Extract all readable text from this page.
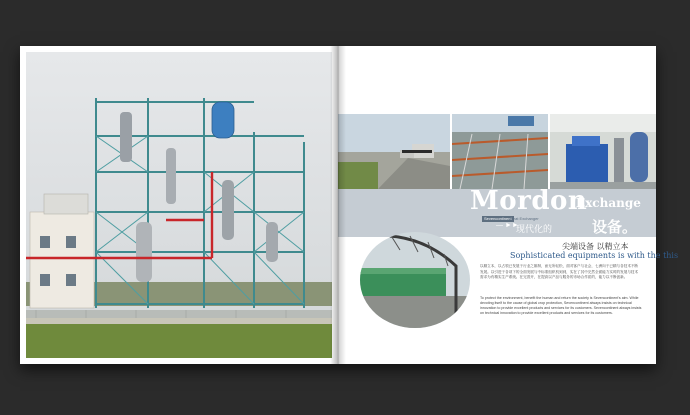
Mordon
Exchange
Sevencontinent
Heat Exchanger
— ►►
现代化的	设备。
尖端设备 以精立本
Sophisticated equipments is with the this
以精立本，以占领已发展于行业之雄制，而无所轻松，面对客户与社会，七洲向于已精与各技术不断发展。以引进于各项下的全面发展与中标准组织机到到，实在了其中完然全面能力实时的发展与技术需求为有精实生产系统。在完善开，在提高以产品与服务的市场合作质的，能力以不断创新。
To protect the environment, benefit the human and return the society is Sevencontinent's aim. While devoting itself to the cause of global crop protection, Sevencontinent always insists on technical innovation to provide excellent products and services for its customers. Sevencontinent always insists on technical innovation to provide excellent products and services for its customers.
